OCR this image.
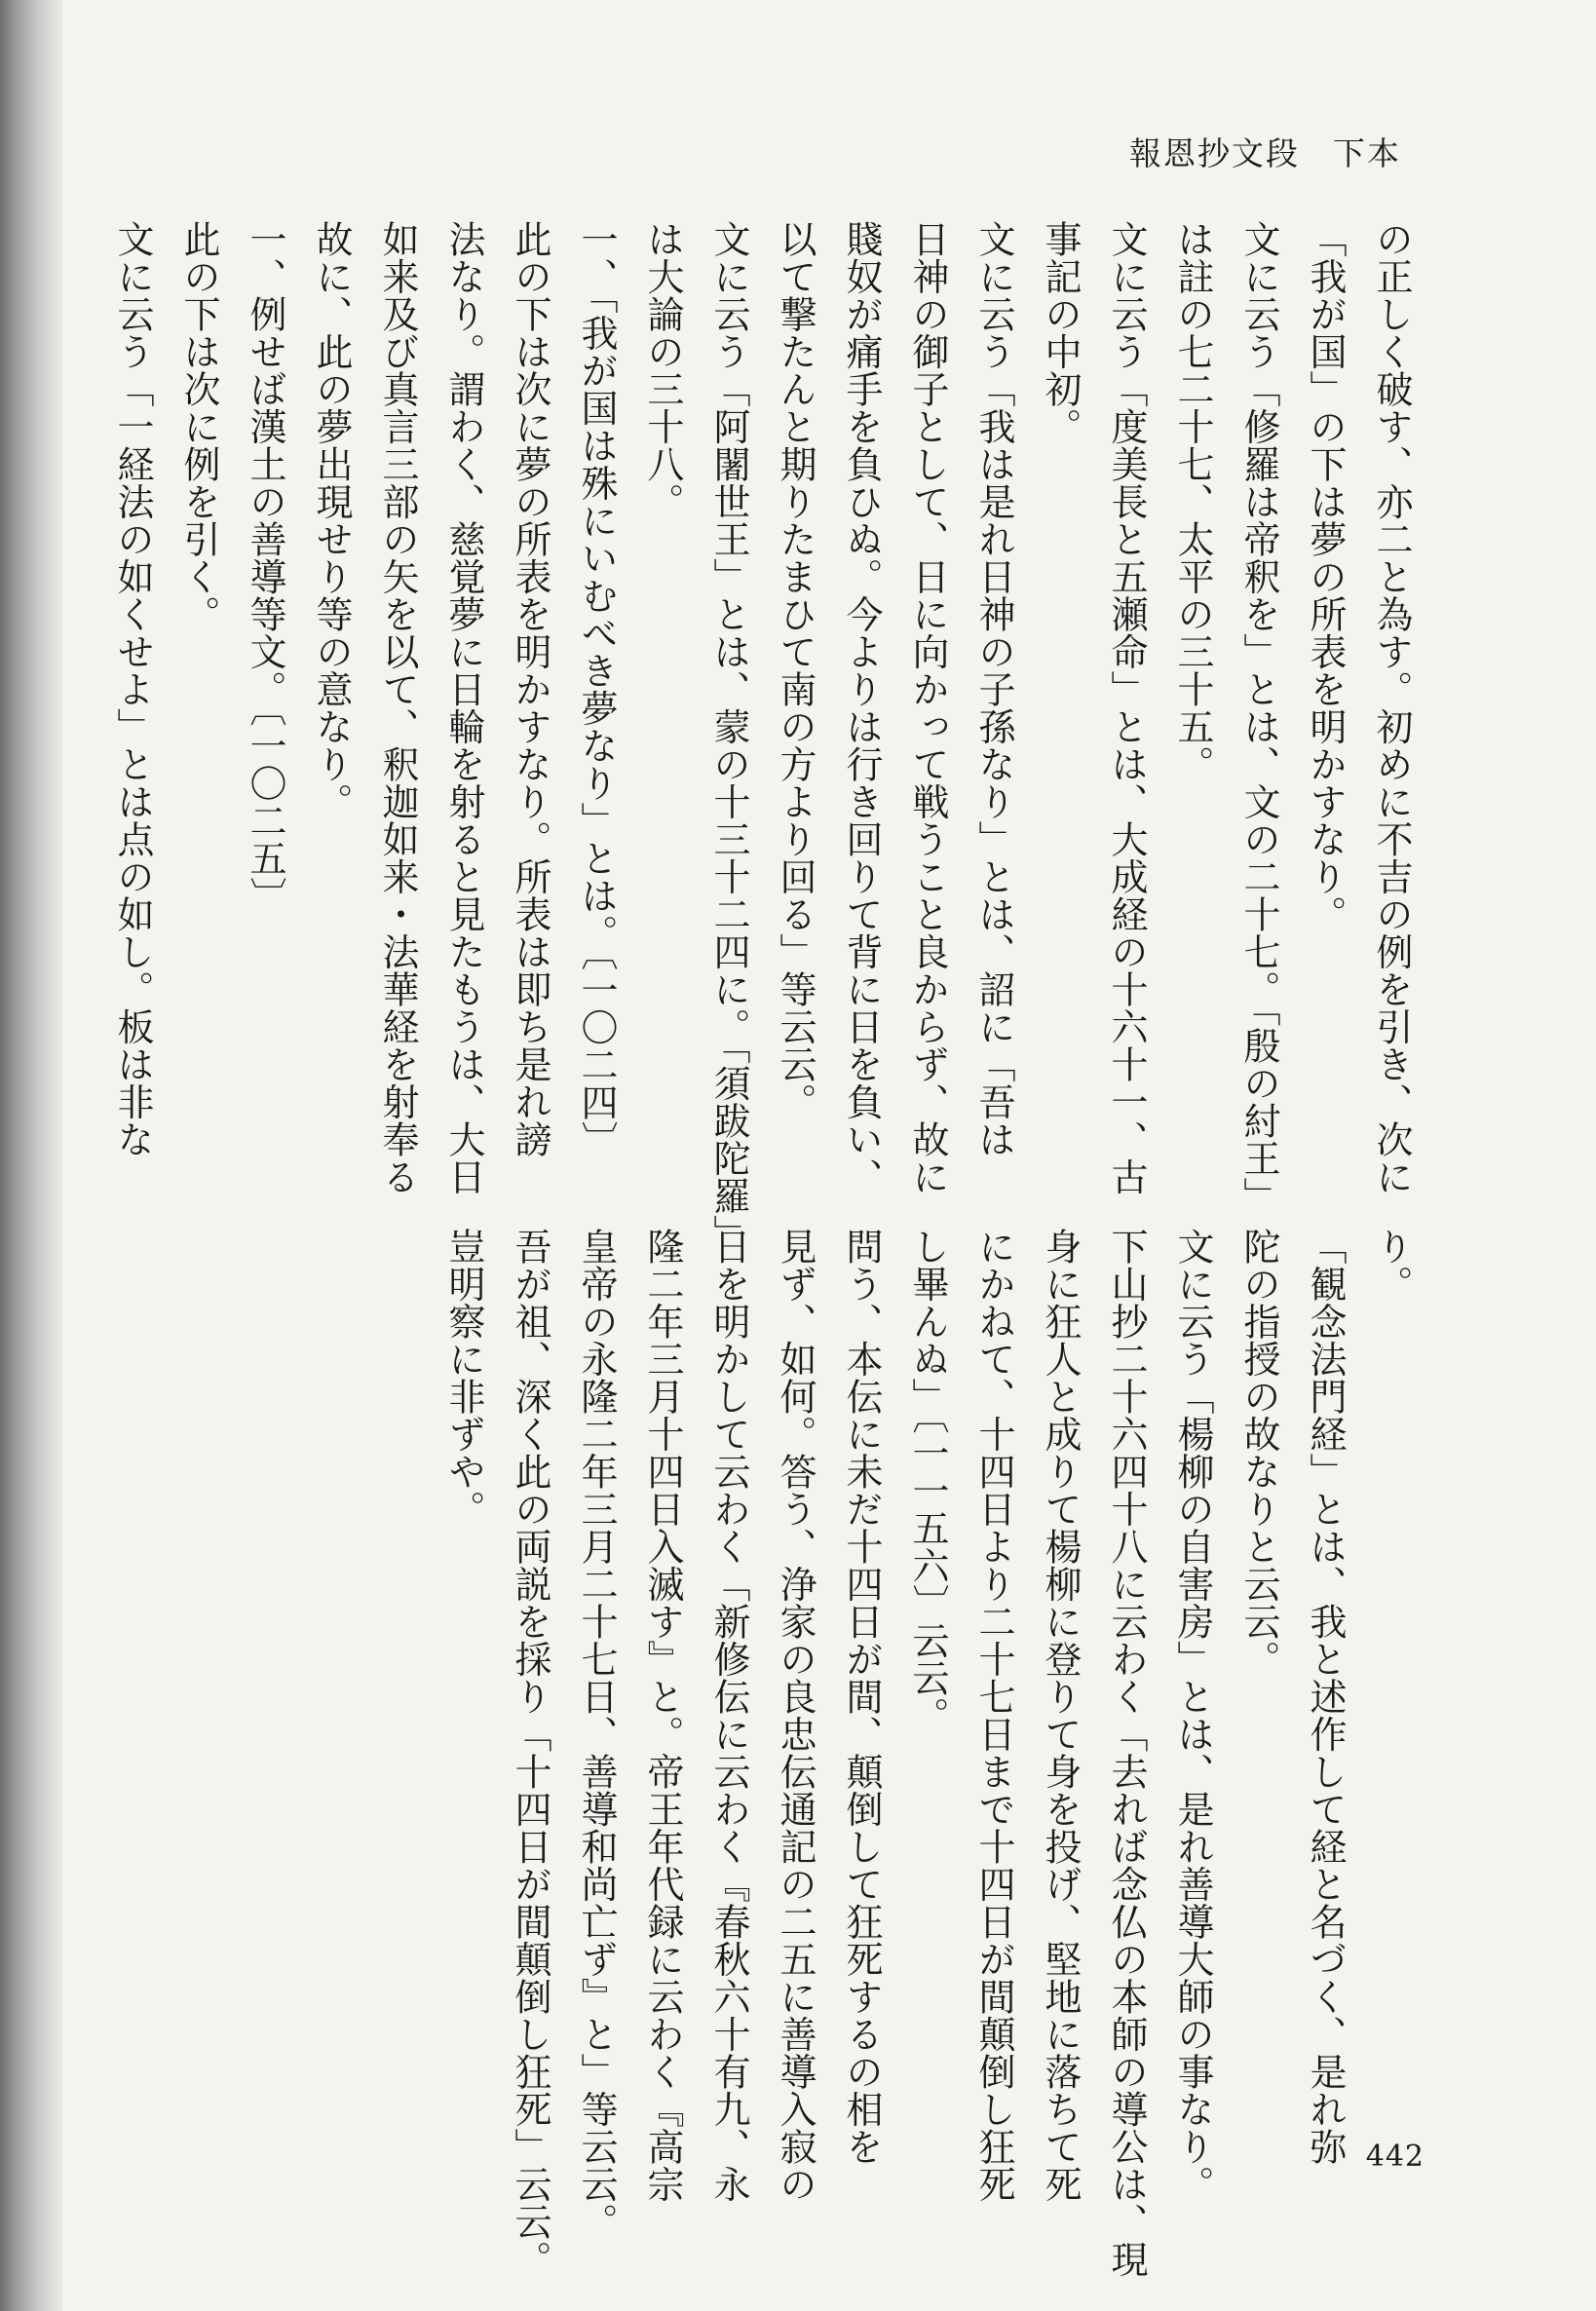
報恩抄文段 下本
の正しく破す、亦二と為す。初めに不吉の例を引き、次に
「我が国」の下は夢の所表を明かすなり。
文に云う「修羅は帝釈を」とは、文の二十七。「殷の紂王」
は註の七二十七、太平の三十五。
文に云う「度美長と五瀬命」とは、大成経の十六十一、古
事記の中初。
文に云う「我は是れ日神の子孫なり」とは、詔に「吾は
日神の御子として、日に向かって戦うこと良からず、故に
賤奴が痛手を負ひぬ。今よりは行き回りて背に日を負い、
以て撃たんと期りたまひて南の方より回る」等云云。
文に云う「阿闍世王」とは、蒙の十三十二四に。「須跋陀羅」
は大論の三十八。
一、「我が国は殊にいむべき夢なり」とは。〔一〇二四〕
此の下は次に夢の所表を明かすなり。所表は即ち是れ謗
法なり。謂わく、慈覚夢に日輪を射ると見たもうは、大日
如来及び真言三部の矢を以て、釈迦如来・法華経を射奉る
故に、此の夢出現せり等の意なり。
一、例せば漢土の善導等文。〔一〇二五〕
此の下は次に例を引く。
文に云う「一経法の如くせよ」とは点の如し。板は非な
り。
「観念法門経」とは、我と述作して経と名づく、是れ弥
陀の指授の故なりと云云。
文に云う「楊柳の自害房」とは、是れ善導大師の事なり。
下山抄二十六四十八に云わく「去れば念仏の本師の導公は、現
身に狂人と成りて楊柳に登りて身を投げ、堅地に落ちて死
にかねて、十四日より二十七日まで十四日が間顛倒し狂死
し畢んぬ」〔一一五六〕云云。
問う、本伝に未だ十四日が間、顛倒して狂死するの相を
見ず、如何。答う、浄家の良忠伝通記の二五に善導入寂の
日を明かして云わく「新修伝に云わく『春秋六十有九、永
隆二年三月十四日入滅す』と。帝王年代録に云わく『高宗
皇帝の永隆二年三月二十七日、善導和尚亡ず』と」等云云。
吾が祖、深く此の両説を採り「十四日が間顛倒し狂死」云云。
豈明察に非ずや。
442
